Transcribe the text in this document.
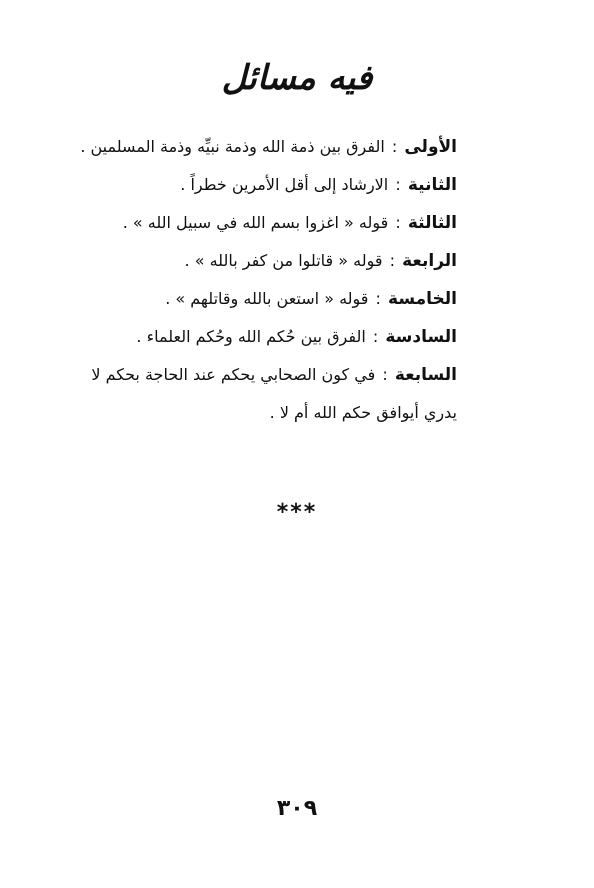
فيه مسائل
الأولى : الفرق بين ذمة الله وذمة نبيِّه وذمة المسلمين .
الثانية : الارشاد إلى أقل الأمرين خطراً .
الثالثة : قوله « اغزوا بسم الله في سبيل الله » .
الرابعة : قوله « قاتلوا من كفر بالله » .
الخامسة : قوله « استعن بالله وقاتلهم » .
السادسة : الفرق بين حُكم الله وحُكم العلماء .
السابعة : في كون الصحابي يحكم عند الحاجة بحكم لا يدري أيوافق حكم الله أم لا .
***
٣٠٩
